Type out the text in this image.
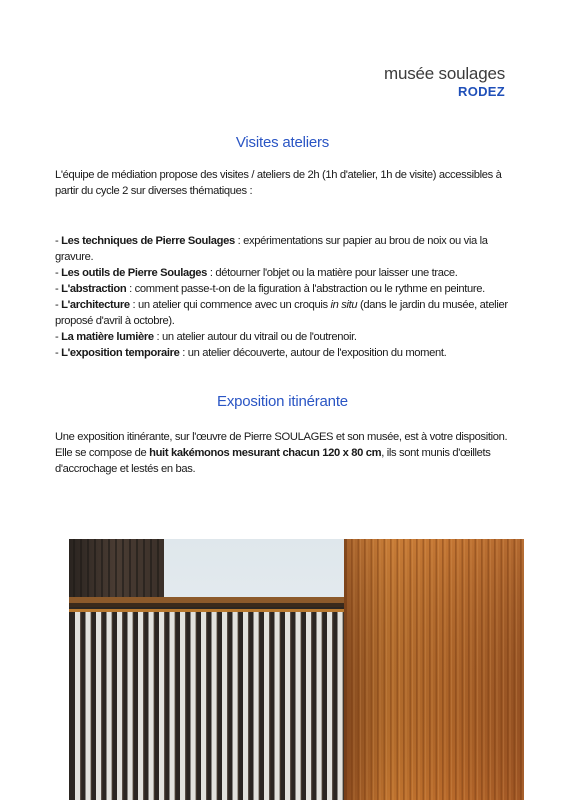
musée soulages
RODEZ
Visites ateliers

L'équipe de médiation propose des visites / ateliers de 2h (1h d'atelier, 1h de visite) accessibles à partir du cycle 2 sur diverses thématiques :

- Les techniques de Pierre Soulages : expérimentations sur papier au brou de noix ou via la gravure.
- Les outils de Pierre Soulages : détourner l'objet ou la matière pour laisser une trace.
- L'abstraction : comment passe-t-on de la figuration à l'abstraction ou le rythme en peinture.
- L'architecture : un atelier qui commence avec un croquis in situ (dans le jardin du musée, atelier proposé d'avril à octobre).
- La matière lumière : un atelier autour du vitrail ou de l'outrenoir.
- L'exposition temporaire : un atelier découverte, autour de l'exposition du moment.
Exposition itinérante

Une exposition itinérante, sur l'œuvre de Pierre SOULAGES et son musée, est à votre disposition.
Elle se compose de huit kakémonos mesurant chacun 120 x 80 cm, ils sont munis d'œillets d'accrochage et lestés en bas.
